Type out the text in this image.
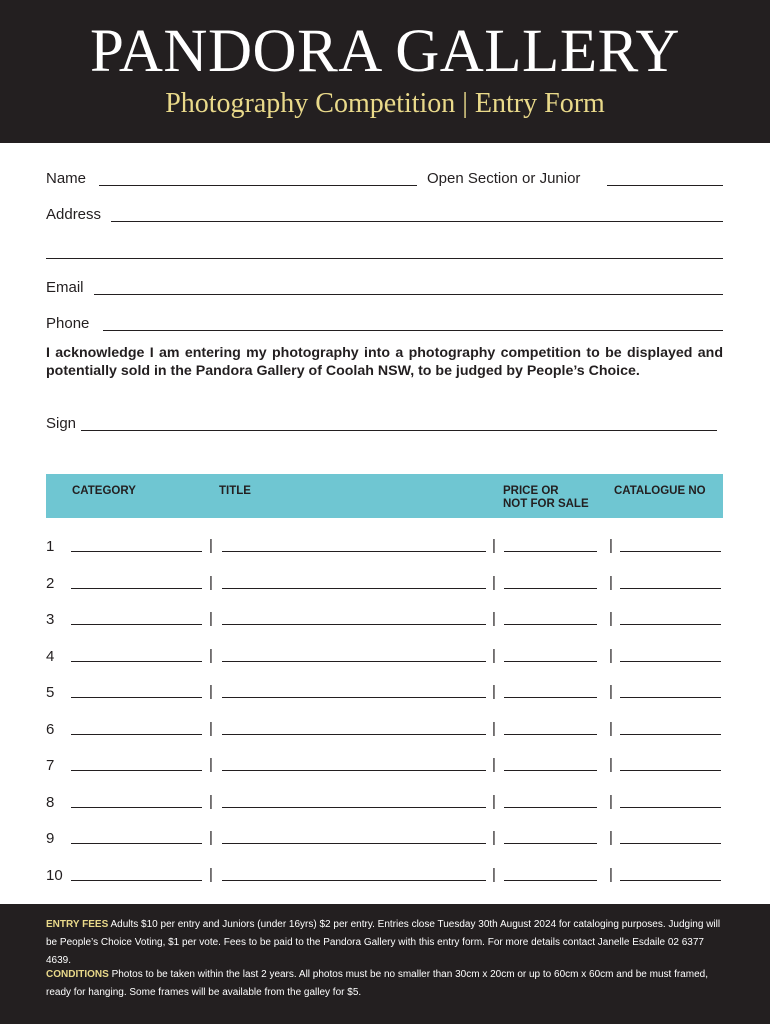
PANDORA GALLERY
Photography Competition | Entry Form
Name	Open Section or Junior
Address
Email
Phone
I acknowledge I am entering my photography into a photography competition to be displayed and potentially sold in the Pandora Gallery of Coolah NSW, to be judged by People’s Choice.
Sign
CATEGORY	TITLE	PRICE OR
NOT FOR SALE
CATALOGUE NO
1	|	|	|
2	|	|	|
3	|	|	|
4	|	|	|
5	|	|	|
6	|	|	|
7	|	|	|
8	|	|	|
9	|	|	|
10	|	|	|
ENTRY FEES Adults $10 per entry and Juniors (under 16yrs) $2 per entry. Entries close Tuesday 30th August 2024 for cataloging purposes. Judging will be People’s Choice Voting, $1 per vote. Fees to be paid to the Pandora Gallery with this entry form. For more details contact Janelle Esdaile 02 6377 4639.
CONDITIONS Photos to be taken within the last 2 years. All photos must be no smaller than 30cm x 20cm or up to 60cm x 60cm and be must framed, ready for hanging. Some frames will be available from the galley for $5.
